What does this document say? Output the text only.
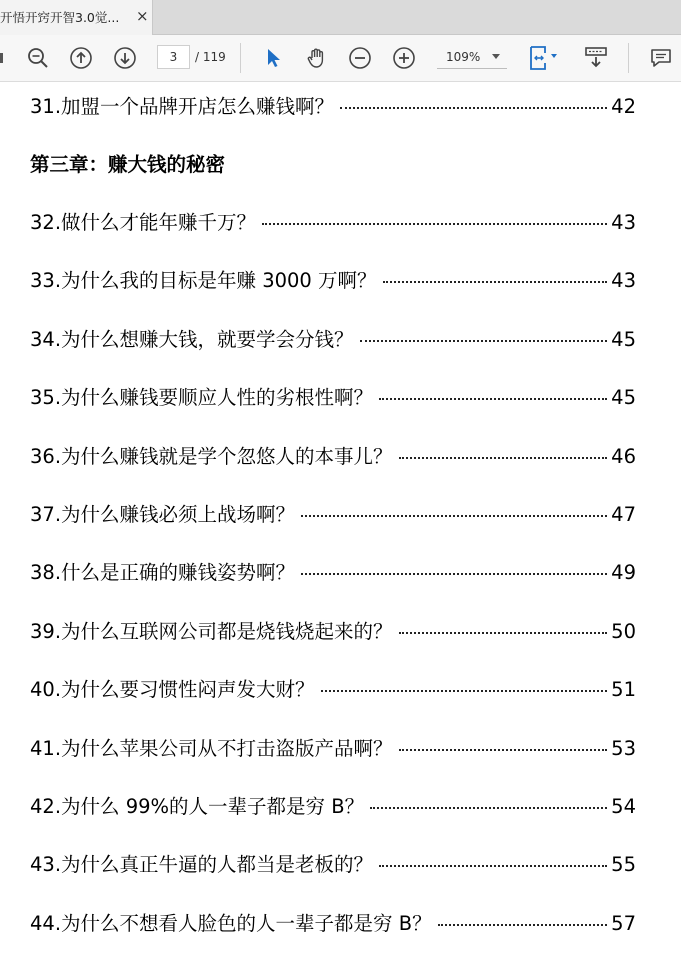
开悟开窍开智3.0觉... ×
3	/ 119	109%
31.加盟一个品牌开店怎么赚钱啊？	42
第三章：赚大钱的秘密
32.做什么才能年赚千万？	43
33.为什么我的目标是年赚 3000 万啊？	43
34.为什么想赚大钱，就要学会分钱？	45
35.为什么赚钱要顺应人性的劣根性啊？	45
36.为什么赚钱就是学个忽悠人的本事儿？	46
37.为什么赚钱必须上战场啊？	47
38.什么是正确的赚钱姿势啊？	49
39.为什么互联网公司都是烧钱烧起来的？	50
40.为什么要习惯性闷声发大财？	51
41.为什么苹果公司从不打击盗版产品啊？	53
42.为什么 99%的人一辈子都是穷 B？	54
43.为什么真正牛逼的人都当是老板的？	55
44.为什么不想看人脸色的人一辈子都是穷 B？	57
